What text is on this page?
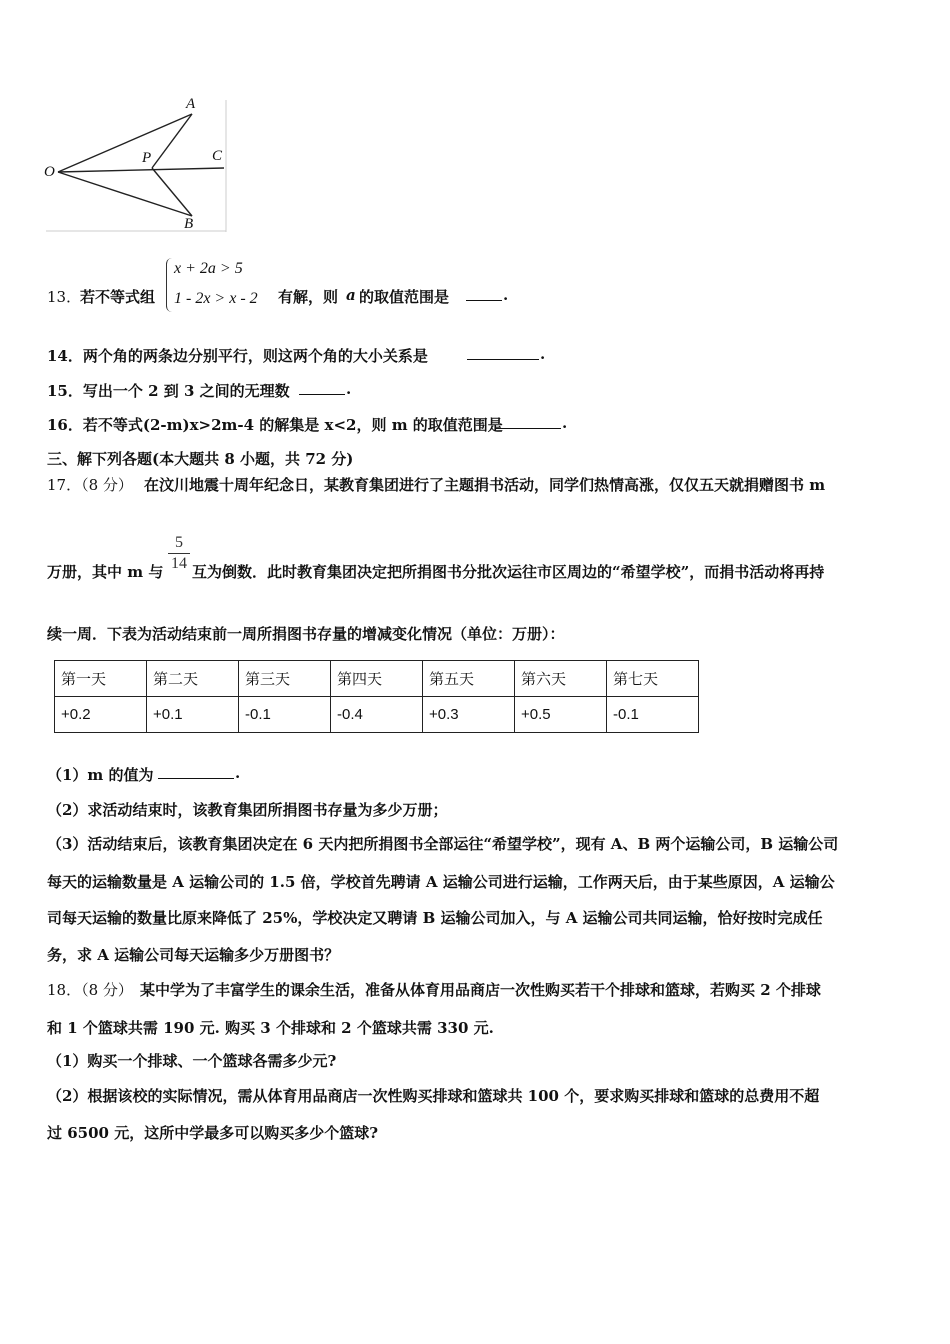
A
O
P	C
B
13．
若不等式组
x + 2a > 5
1 - 2x > x - 2 有解，则 a 的取值范围是	.
14．两个角的两条边分别平行，则这两个角的大小关系是	.
15．写出一个 2 到 3 之间的无理数	.
16．若不等式(2-m)x>2m-4 的解集是 x<2，则 m 的取值范围是	.
三、解下列各题(本大题共 8 小题，共 72 分)
17．（8 分） 在汶川地震十周年纪念日，某教育集团进行了主题捐书活动，同学们热情高涨，仅仅五天就捐赠图书 m
万册，其中 m 与
5
14 互为倒数．此时教育集团决定把所捐图书分批次运往市区周边的“希望学校”，而捐书活动将再持
续一周．下表为活动结束前一周所捐图书存量的增减变化情况（单位：万册）：
第一天	第二天	第三天	第四天	第五天	第六天	第七天
+0.2	+0.1	-0.1	-0.4	+0.3	+0.5	-0.1
（1）m 的值为	.
（2）求活动结束时，该教育集团所捐图书存量为多少万册；
（3）活动结束后，该教育集团决定在 6 天内把所捐图书全部运往“希望学校”，现有 A、B 两个运输公司，B 运输公司
每天的运输数量是 A 运输公司的 1.5 倍，学校首先聘请 A 运输公司进行运输，工作两天后，由于某些原因，A 运输公
司每天运输的数量比原来降低了 25%，学校决定又聘请 B 运输公司加入，与 A 运输公司共同运输，恰好按时完成任
务，求 A 运输公司每天运输多少万册图书？
18．（8 分） 某中学为了丰富学生的课余生活，准备从体育用品商店一次性购买若干个排球和篮球，若购买 2 个排球
和 1 个篮球共需 190 元. 购买 3 个排球和 2 个篮球共需 330 元.
（1）购买一个排球、一个篮球各需多少元?
（2）根据该校的实际情况，需从体育用品商店一次性购买排球和篮球共 100 个，要求购买排球和篮球的总费用不超
过 6500 元，这所中学最多可以购买多少个篮球?
